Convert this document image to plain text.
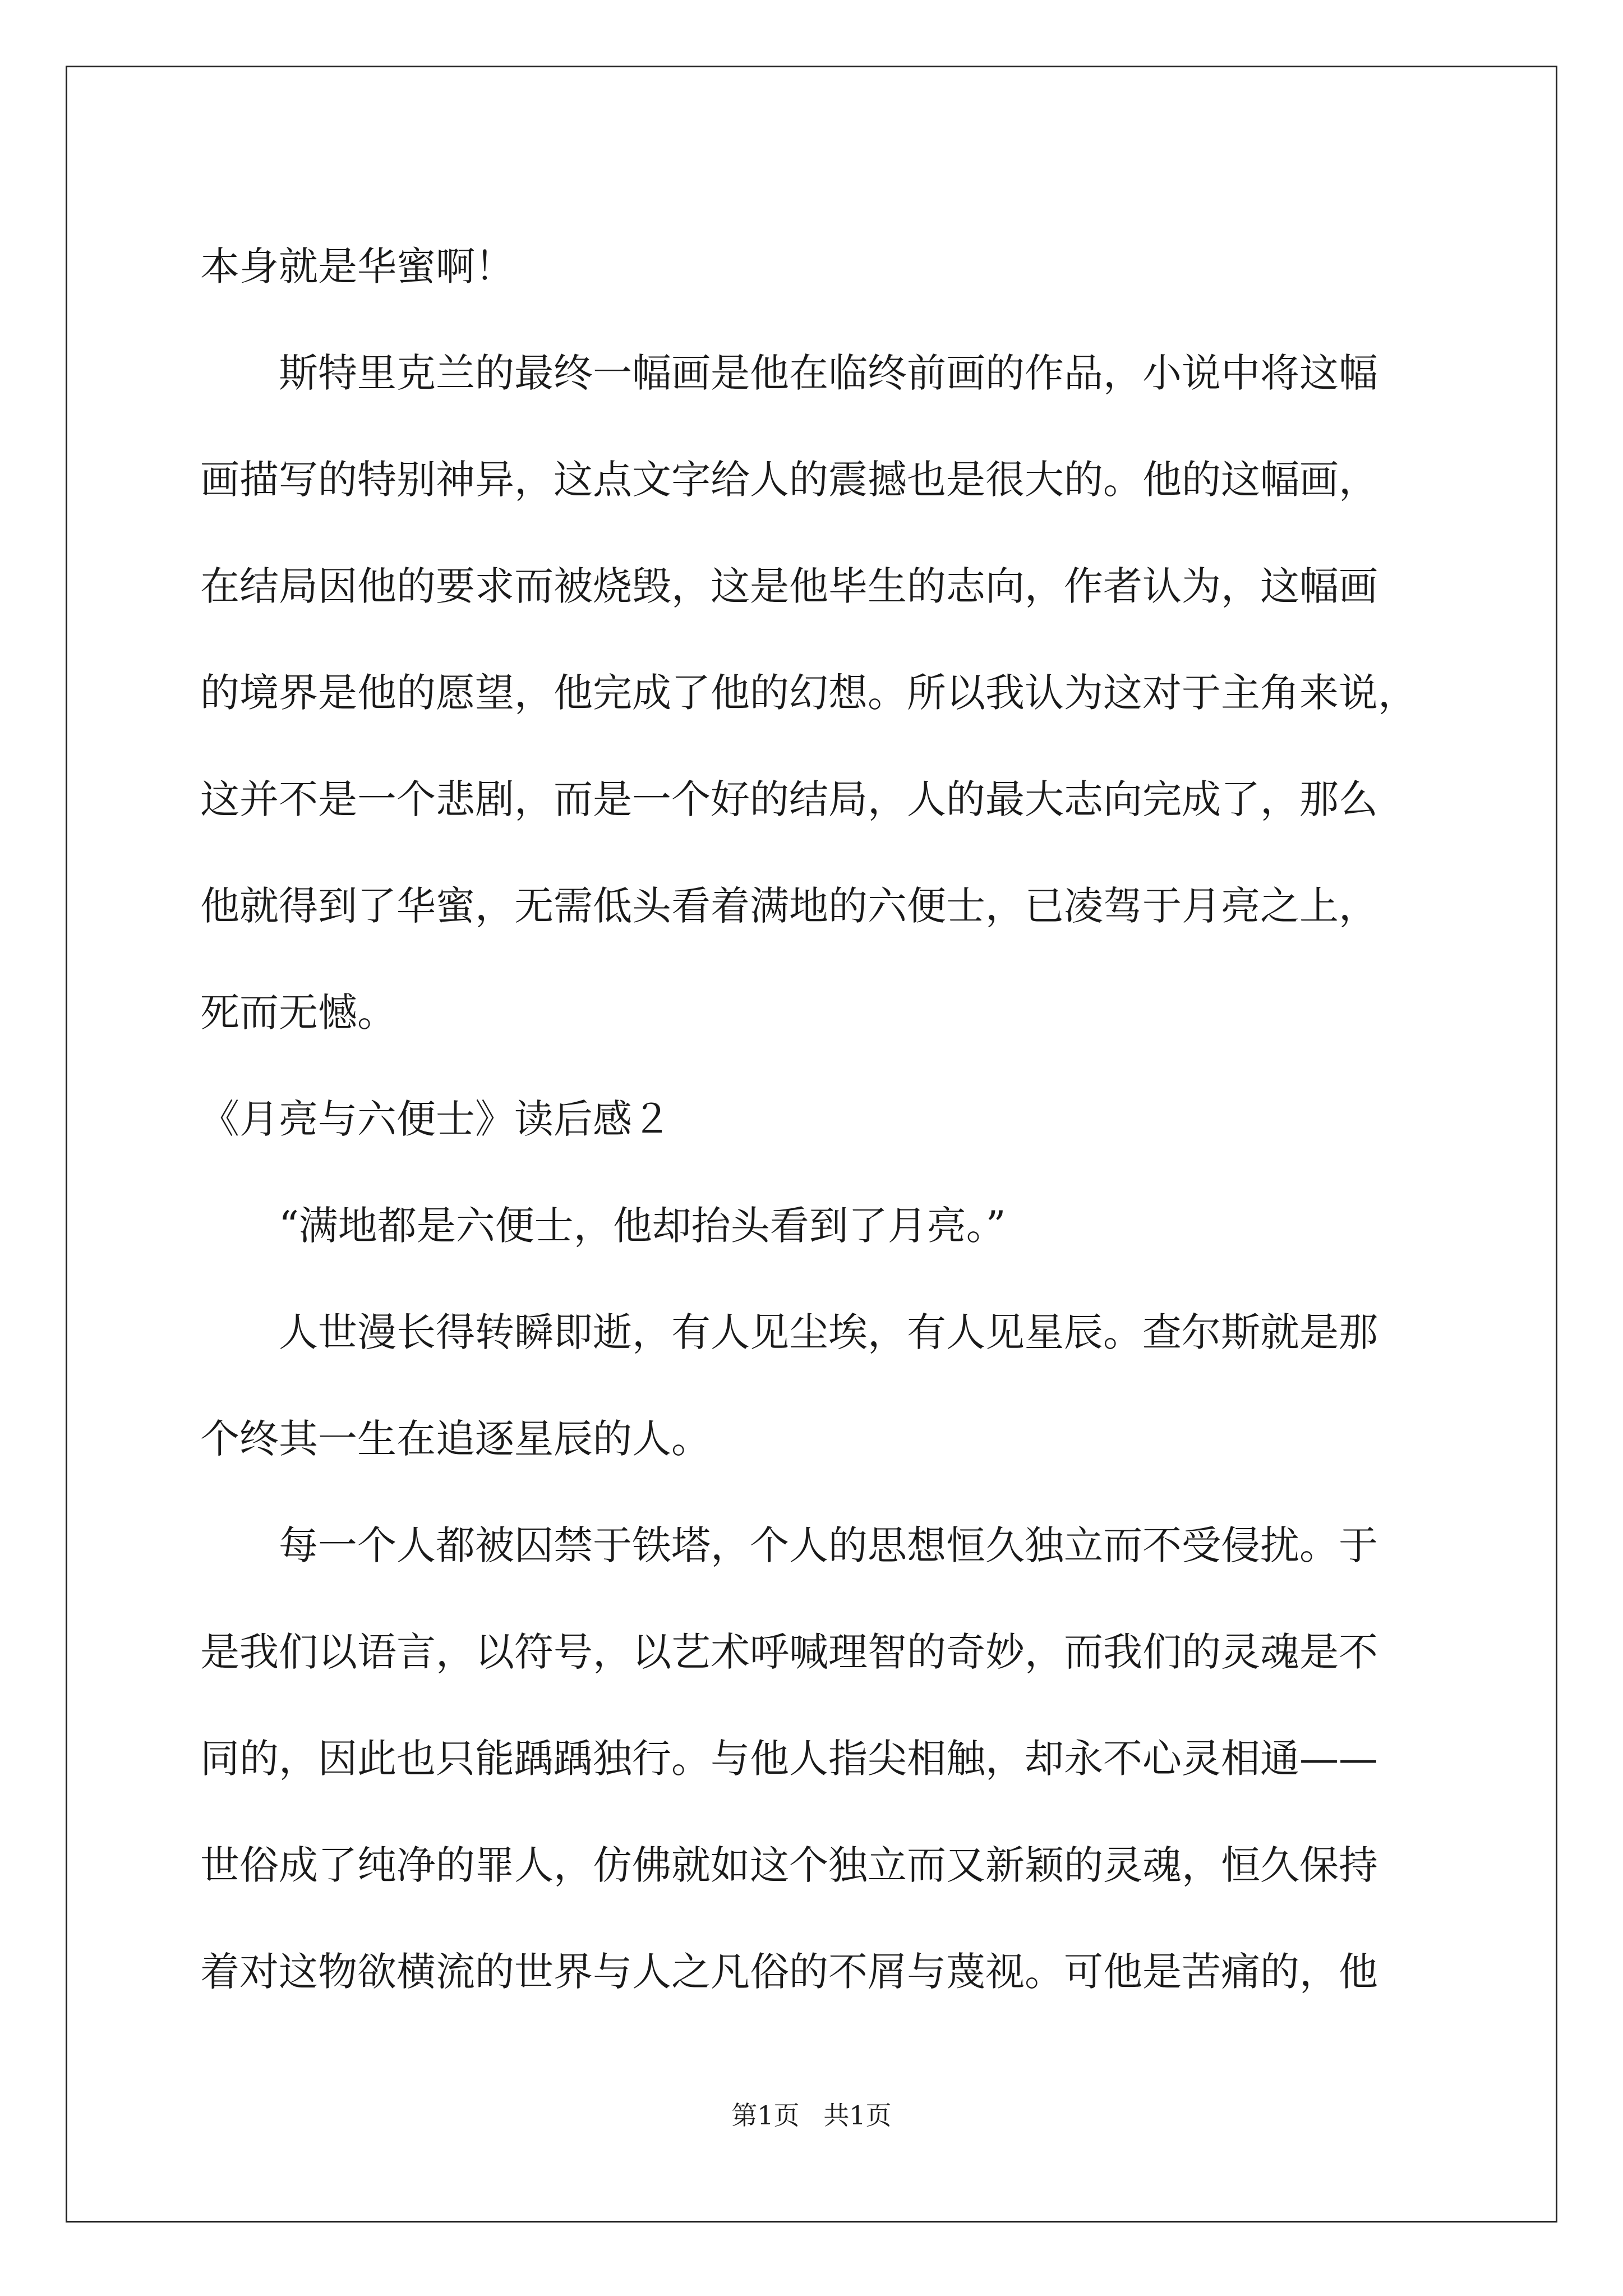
本身就是华蜜啊！
斯特里克兰的最终一幅画是他在临终前画的作品，小说中将这幅
画描写的特别神异，这点文字给人的震撼也是很大的。他的这幅画，
在结局因他的要求而被烧毁，这是他毕生的志向，作者认为，这幅画
的境界是他的愿望，他完成了他的幻想。所以我认为这对于主角来说，
这并不是一个悲剧，而是一个好的结局，人的最大志向完成了，那么
他就得到了华蜜，无需低头看着满地的六便士，已凌驾于月亮之上，
死而无憾。
《月亮与六便士》读后感２
“满地都是六便士，他却抬头看到了月亮。”
人世漫长得转瞬即逝，有人见尘埃，有人见星辰。查尔斯就是那
个终其一生在追逐星辰的人。
每一个人都被囚禁于铁塔，个人的思想恒久独立而不受侵扰。于
是我们以语言，以符号，以艺术呼喊理智的奇妙，而我们的灵魂是不
同的，因此也只能踽踽独行。与他人指尖相触，却永不心灵相通——
世俗成了纯净的罪人，仿佛就如这个独立而又新颖的灵魂，恒久保持
着对这物欲横流的世界与人之凡俗的不屑与蔑视。可他是苦痛的，他
第1页 共1页
